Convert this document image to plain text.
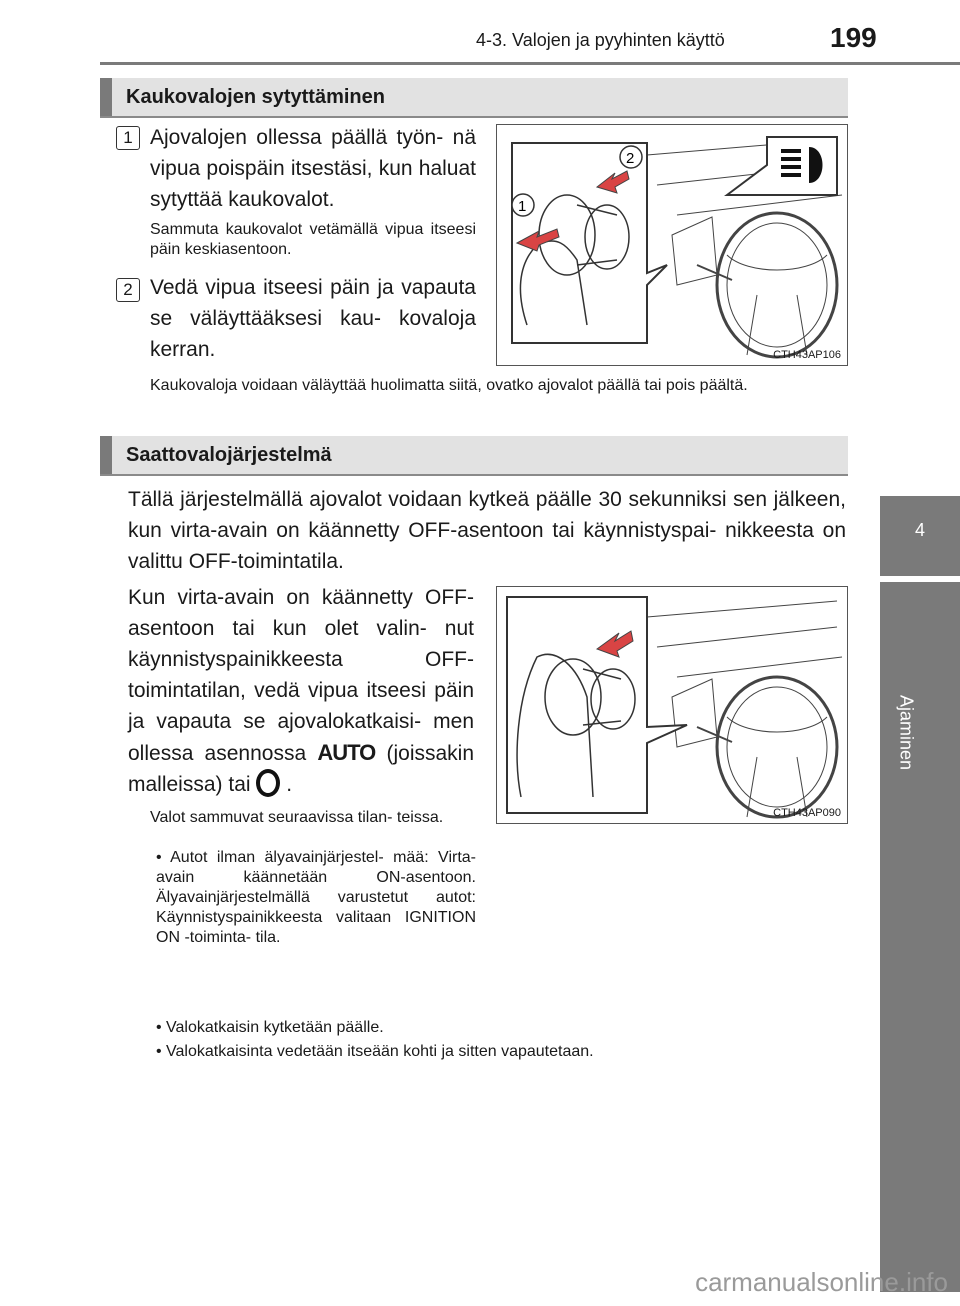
4-3. Valojen ja pyyhinten käyttö	199
4
Ajaminen
Kaukovalojen sytyttäminen
1 Ajovalojen ollessa päällä työn- nä vipua poispäin itsestäsi, kun haluat sytyttää kaukovalot.
Sammuta kaukovalot vetämällä vipua itseesi päin keskiasentoon.
2 Vedä vipua itseesi päin ja vapauta se väläyttääksesi kau- kovaloja kerran.
Kaukovaloja voidaan väläyttää huolimatta siitä, ovatko ajovalot päällä tai pois päältä.
1
2
CTH43AP106
Saattovalojärjestelmä
Tällä järjestelmällä ajovalot voidaan kytkeä päälle 30 sekunniksi sen jälkeen, kun virta-avain on käännetty OFF-asentoon tai käynnistyspai- nikkeesta on valittu OFF-toimintatila.
Kun virta-avain on käännetty OFF-asentoon tai kun olet valin- nut käynnistyspainikkeesta OFF- toimintatilan, vedä vipua itseesi päin ja vapauta se ajovalokatkaisi- men ollessa asennossa AUTO (joissakin malleissa) tai .
Valot sammuvat seuraavissa tilan- teissa.
• Autot ilman älyavainjärjestel- mää: Virta-avain käännetään ON-asentoon. Älyavainjärjestelmällä varustetut autot: Käynnistyspainikkeesta valitaan IGNITION ON -toiminta- tila.
• Valokatkaisin kytketään päälle.
• Valokatkaisinta vedetään itseään kohti ja sitten vapautetaan.
CTH43AP090
carmanualsonline.info
